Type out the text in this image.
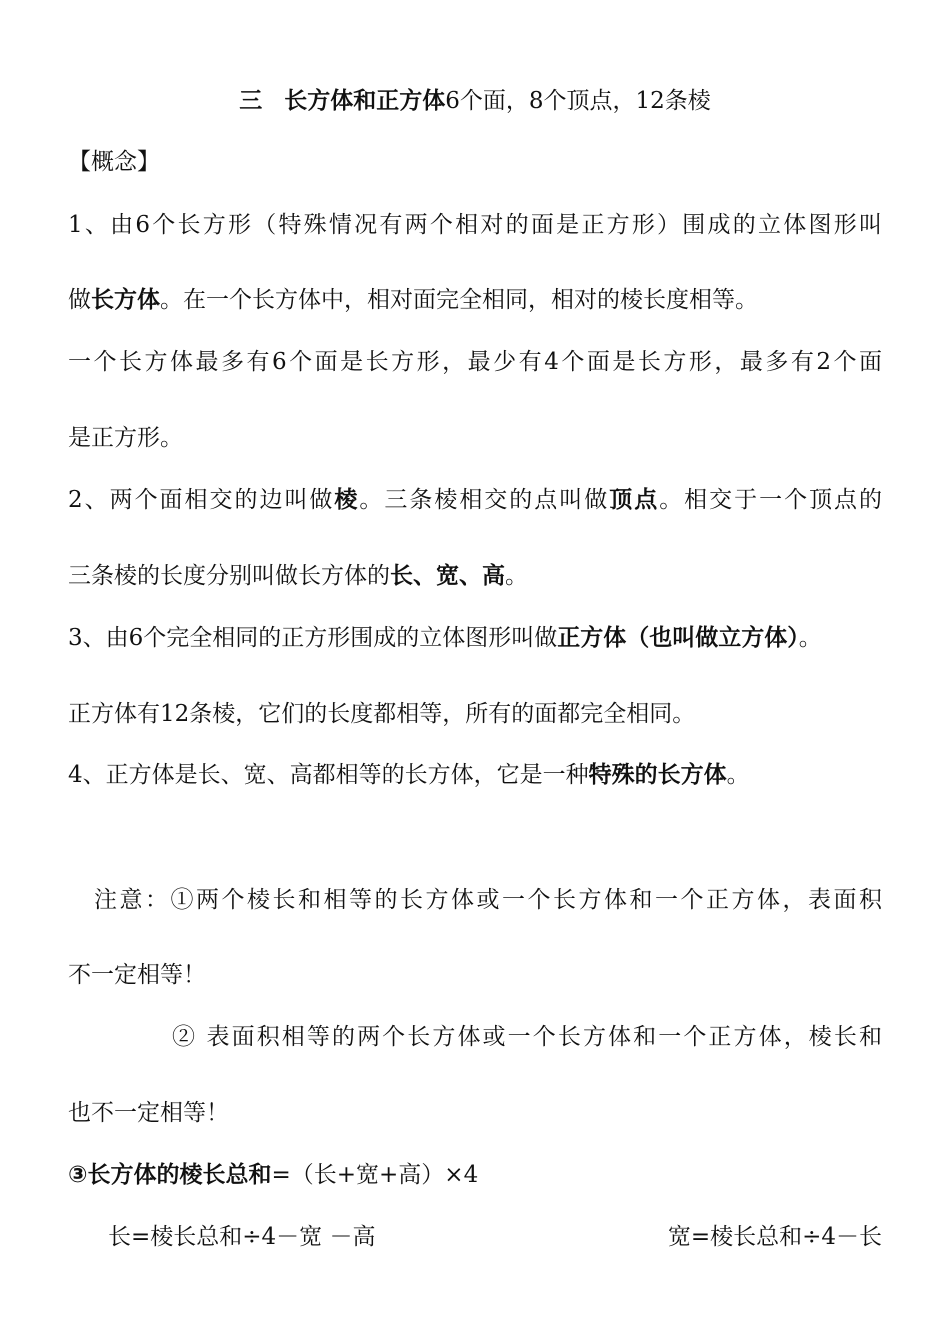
三 长方体和正方体6个面，8个顶点，12条棱
【概念】
1、由6个长方形（特殊情况有两个相对的面是正方形）围成的立体图形叫
做长方体。在一个长方体中，相对面完全相同，相对的棱长度相等。
一个长方体最多有6个面是长方形，最少有4个面是长方形，最多有2个面
是正方形。
2、两个面相交的边叫做棱。三条棱相交的点叫做顶点。相交于一个顶点的
三条棱的长度分别叫做长方体的长、宽、高。
3、由6个完全相同的正方形围成的立体图形叫做正方体（也叫做立方体）。
正方体有12条棱，它们的长度都相等，所有的面都完全相同。
4、正方体是长、宽、高都相等的长方体，它是一种特殊的长方体。
注意：①两个棱长和相等的长方体或一个长方体和一个正方体，表面积
不一定相等！
② 表面积相等的两个长方体或一个长方体和一个正方体，棱长和
也不一定相等！
③长方体的棱长总和=（长+宽+高）×4
长=棱长总和÷4－宽 －高	宽=棱长总和÷4－长
